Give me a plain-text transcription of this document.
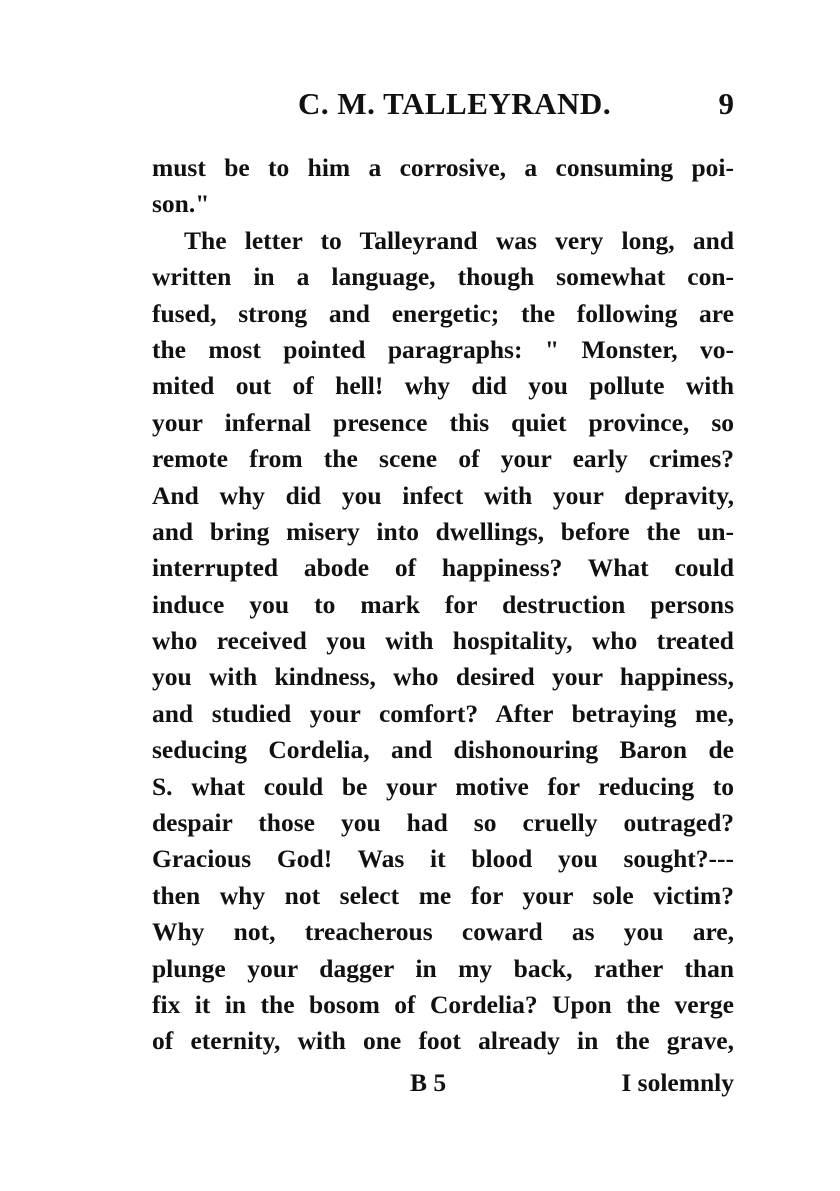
C. M. TALLEYRAND.	9
must be to him a corrosive, a consuming poi-
son."
The letter to Talleyrand was very long, and
written in a language, though somewhat con-
fused, strong and energetic; the following are
the most pointed paragraphs: " Monster, vo-
mited out of hell! why did you pollute with
your infernal presence this quiet province, so
remote from the scene of your early crimes?
And why did you infect with your depravity,
and bring misery into dwellings, before the un-
interrupted abode of happiness? What could
induce you to mark for destruction persons
who received you with hospitality, who treated
you with kindness, who desired your happiness,
and studied your comfort? After betraying me,
seducing Cordelia, and dishonouring Baron de
S. what could be your motive for reducing to
despair those you had so cruelly outraged?
Gracious God! Was it blood you sought?---
then why not select me for your sole victim?
Why not, treacherous coward as you are,
plunge your dagger in my back, rather than
fix it in the bosom of Cordelia? Upon the verge
of eternity, with one foot already in the grave,
B 5	I solemnly
